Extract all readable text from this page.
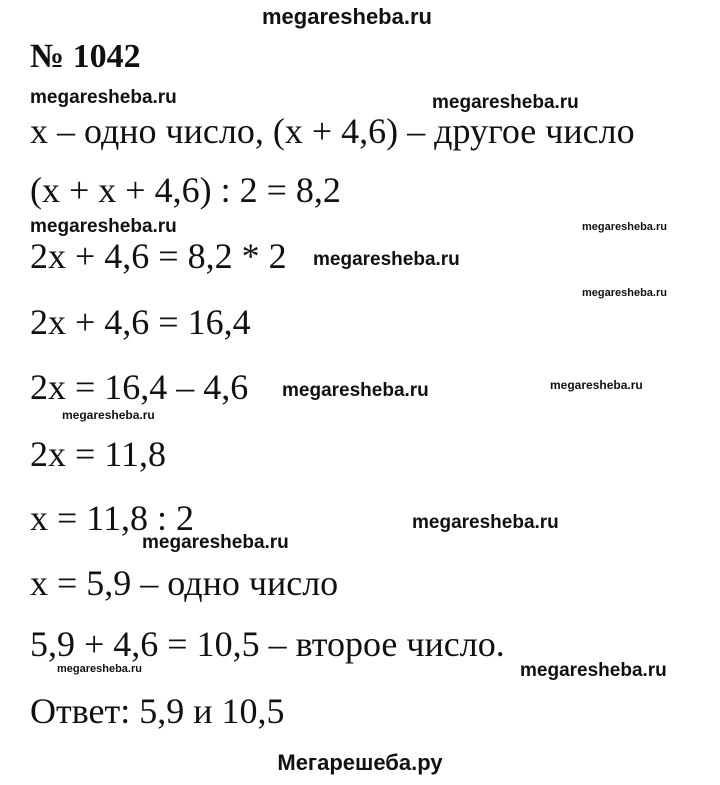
megaresheba.ru
№ 1042
х – одно число, (х + 4,6) – другое число
(х + х + 4,6) : 2 = 8,2
2х + 4,6 = 8,2 * 2
2х + 4,6 = 16,4
2х = 16,4 – 4,6
2х = 11,8
х = 11,8 : 2
х = 5,9 – одно число
5,9 + 4,6 = 10,5 – второе число.
Ответ: 5,9 и 10,5
megaresheba.ru	megaresheba.ru
megaresheba.ru	megaresheba.ru
megaresheba.ru
megaresheba.ru
megaresheba.ru	megaresheba.ru
megaresheba.ru
megaresheba.ru
megaresheba.ru
megaresheba.ru	megaresheba.ru
Мегарешеба.ру
